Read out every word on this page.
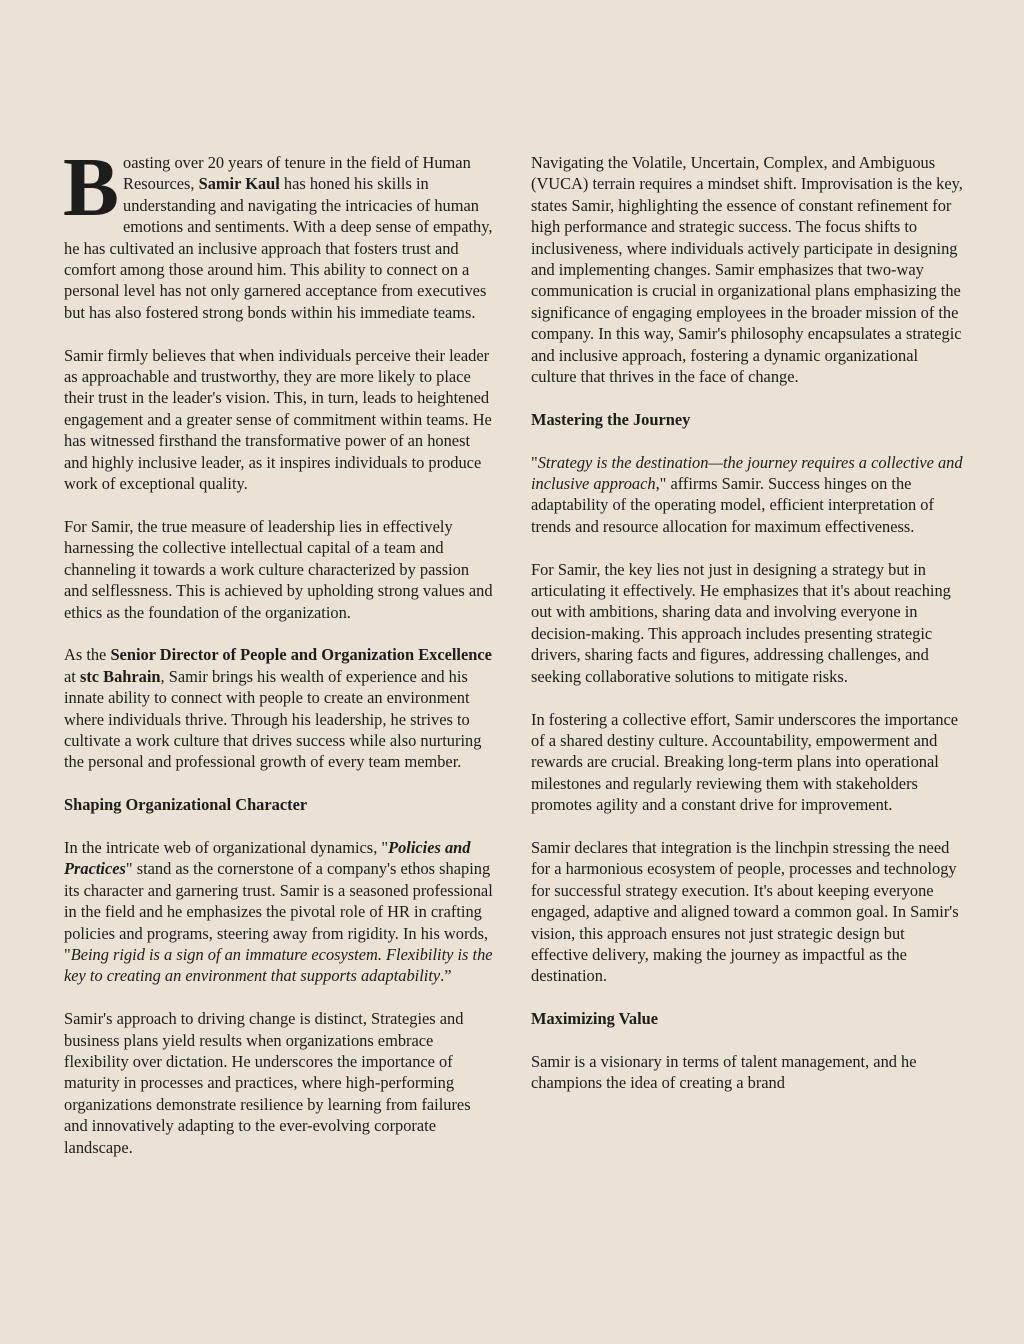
Boasting over 20 years of tenure in the field of Human Resources, Samir Kaul has honed his skills in understanding and navigating the intricacies of human emotions and sentiments. With a deep sense of empathy, he has cultivated an inclusive approach that fosters trust and comfort among those around him. This ability to connect on a personal level has not only garnered acceptance from executives but has also fostered strong bonds within his immediate teams.

Samir firmly believes that when individuals perceive their leader as approachable and trustworthy, they are more likely to place their trust in the leader's vision. This, in turn, leads to heightened engagement and a greater sense of commitment within teams. He has witnessed firsthand the transformative power of an honest and highly inclusive leader, as it inspires individuals to produce work of exceptional quality.

For Samir, the true measure of leadership lies in effectively harnessing the collective intellectual capital of a team and channeling it towards a work culture characterized by passion and selflessness. This is achieved by upholding strong values and ethics as the foundation of the organization.

As the Senior Director of People and Organization Excellence at stc Bahrain, Samir brings his wealth of experience and his innate ability to connect with people to create an environment where individuals thrive. Through his leadership, he strives to cultivate a work culture that drives success while also nurturing the personal and professional growth of every team member.

Shaping Organizational Character

In the intricate web of organizational dynamics, "Policies and Practices" stand as the cornerstone of a company's ethos shaping its character and garnering trust. Samir is a seasoned professional in the field and he emphasizes the pivotal role of HR in crafting policies and programs, steering away from rigidity. In his words, "Being rigid is a sign of an immature ecosystem. Flexibility is the key to creating an environment that supports adaptability.”

Samir's approach to driving change is distinct, Strategies and business plans yield results when organizations embrace flexibility over dictation. He underscores the importance of maturity in processes and practices, where high-performing organizations demonstrate resilience by learning from failures and innovatively adapting to the ever-evolving corporate landscape.

Navigating the Volatile, Uncertain, Complex, and Ambiguous (VUCA) terrain requires a mindset shift. Improvisation is the key, states Samir, highlighting the essence of constant refinement for high performance and strategic success. The focus shifts to inclusiveness, where individuals actively participate in designing and implementing changes. Samir emphasizes that two-way communication is crucial in organizational plans emphasizing the significance of engaging employees in the broader mission of the company. In this way, Samir's philosophy encapsulates a strategic and inclusive approach, fostering a dynamic organizational culture that thrives in the face of change.

Mastering the Journey

"Strategy is the destination—the journey requires a collective and inclusive approach," affirms Samir. Success hinges on the adaptability of the operating model, efficient interpretation of trends and resource allocation for maximum effectiveness.

For Samir, the key lies not just in designing a strategy but in articulating it effectively. He emphasizes that it's about reaching out with ambitions, sharing data and involving everyone in decision-making. This approach includes presenting strategic drivers, sharing facts and figures, addressing challenges, and seeking collaborative solutions to mitigate risks.

In fostering a collective effort, Samir underscores the importance of a shared destiny culture. Accountability, empowerment and rewards are crucial. Breaking long-term plans into operational milestones and regularly reviewing them with stakeholders promotes agility and a constant drive for improvement.

Samir declares that integration is the linchpin stressing the need for a harmonious ecosystem of people, processes and technology for successful strategy execution. It's about keeping everyone engaged, adaptive and aligned toward a common goal. In Samir's vision, this approach ensures not just strategic design but effective delivery, making the journey as impactful as the destination.

Maximizing Value

Samir is a visionary in terms of talent management, and he champions the idea of creating a brand
